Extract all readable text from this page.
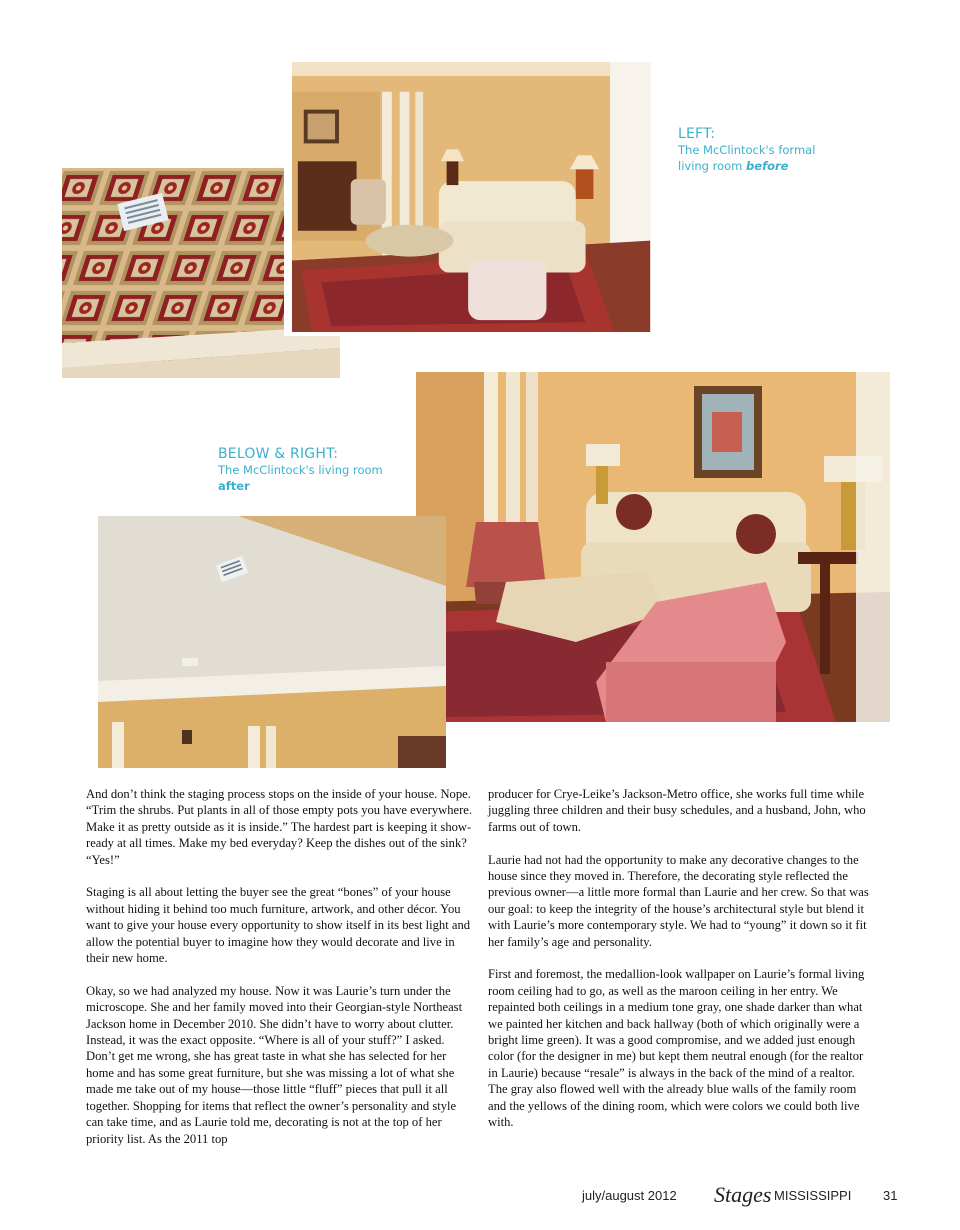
LEFT:
The McClintock's formal
living room before
BELOW & RIGHT:
The McClintock's living room
after

And don’t think the staging process stops on the inside of your house. Nope. “Trim the shrubs. Put plants in all of those empty pots you have everywhere. Make it as pretty outside as it is inside.” The hardest part is keeping it show-ready at all times. Make my bed everyday? Keep the dishes out of the sink? “Yes!”

Staging is all about letting the buyer see the great “bones” of your house without hiding it behind too much furniture, artwork, and other décor. You want to give your house every opportunity to show itself in its best light and allow the potential buyer to imagine how they would decorate and live in their new home.

Okay, so we had analyzed my house. Now it was Laurie’s turn under the microscope. She and her family moved into their Georgian-style Northeast Jackson home in December 2010. She didn’t have to worry about clutter. Instead, it was the exact opposite. “Where is all of your stuff?” I asked. Don’t get me wrong, she has great taste in what she has selected for her home and has some great furniture, but she was missing a lot of what she made me take out of my house—those little “fluff” pieces that pull it all together. Shopping for items that reflect the owner’s personality and style can take time, and as Laurie told me, decorating is not at the top of her priority list. As the 2011 top

producer for Crye-Leike’s Jackson-Metro office, she works full time while juggling three children and their busy schedules, and a husband, John, who farms out of town.

Laurie had not had the opportunity to make any decorative changes to the house since they moved in. Therefore, the decorating style reflected the previous owner—a little more formal than Laurie and her crew. So that was our goal: to keep the integrity of the house’s architectural style but blend it with Laurie’s more contemporary style. We had to “young” it down so it fit her family’s age and personality.

First and foremost, the medallion-look wallpaper on Laurie’s formal living room ceiling had to go, as well as the maroon ceiling in her entry. We repainted both ceilings in a medium tone gray, one shade darker than what we painted her kitchen and back hallway (both of which originally were a bright lime green). It was a good compromise, and we added just enough color (for the designer in me) but kept them neutral enough (for the realtor in Laurie) because “resale” is always in the back of the mind of a realtor. The gray also flowed well with the already blue walls of the family room and the yellows of the dining room, which were colors we could both live with.

july/august 2012 Stages MISSISSIPPI 31
